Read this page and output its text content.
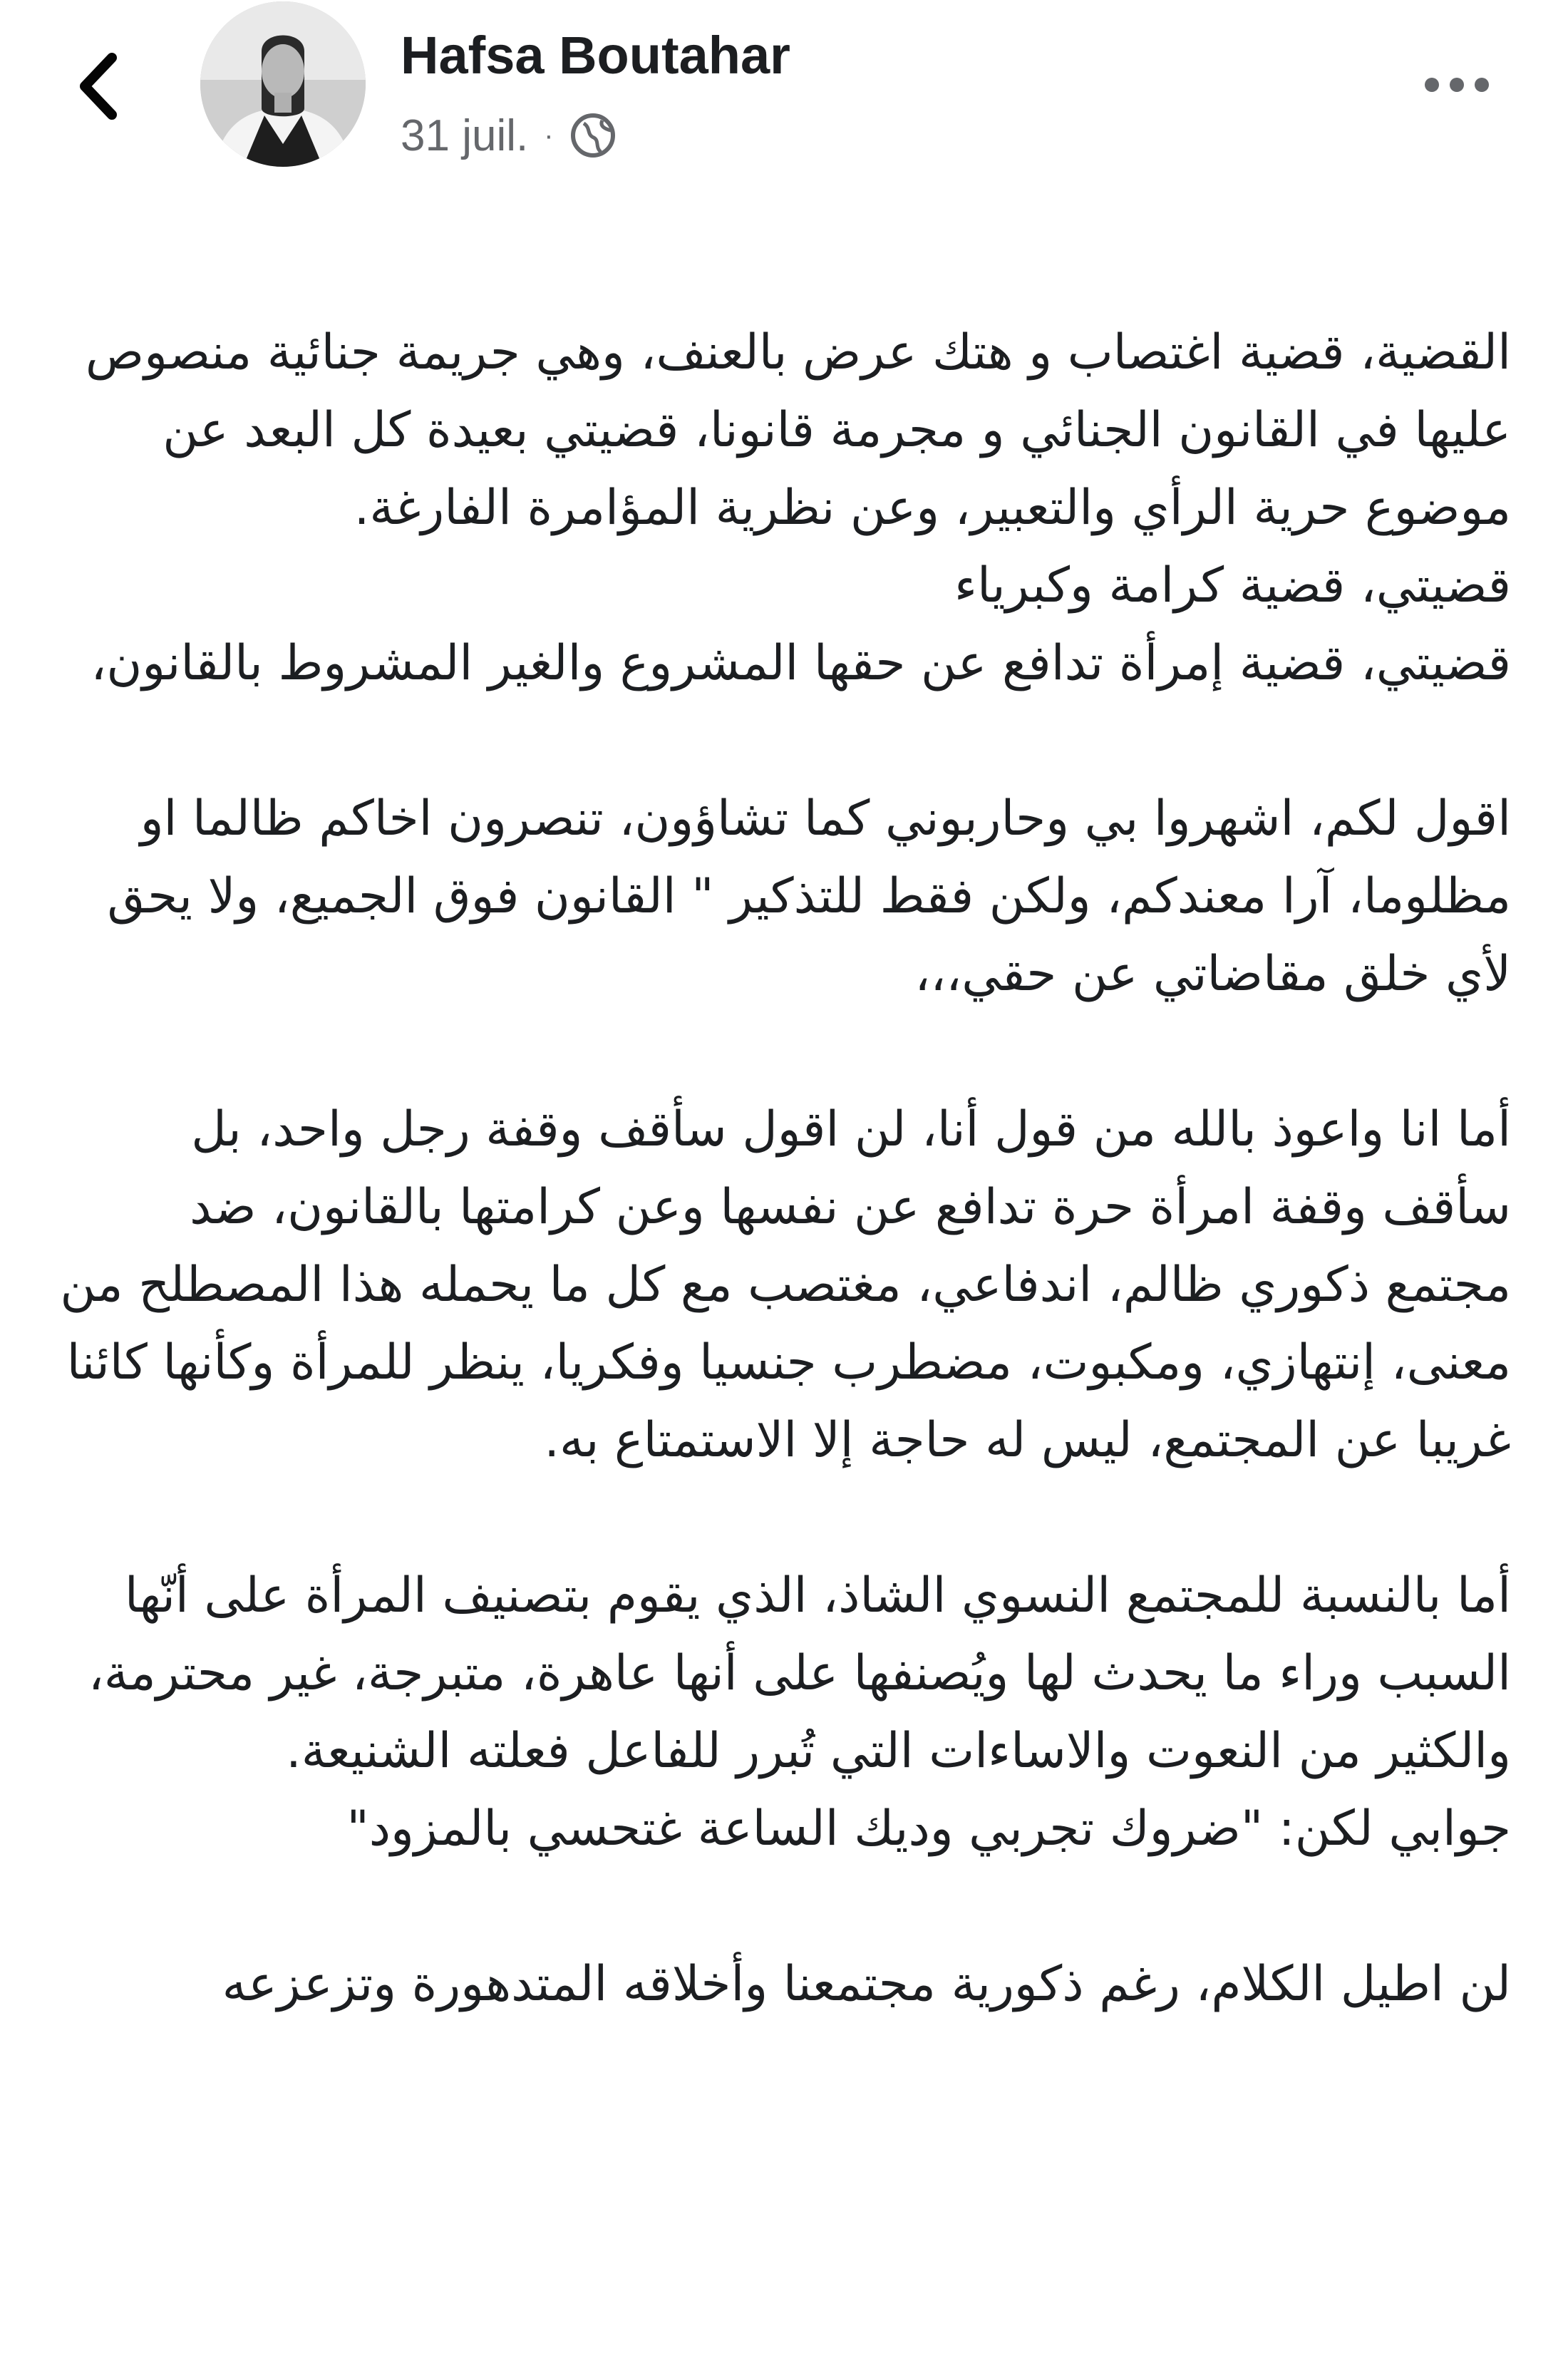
Hafsa Boutahar
31 juil. ·

القضية، قضية اغتصاب و هتك عرض بالعنف، وهي جريمة جنائية منصوص عليها في القانون الجنائي و مجرمة قانونا، قضيتي بعيدة كل البعد عن موضوع حرية الرأي والتعبير، وعن نظرية المؤامرة الفارغة.
قضيتي، قضية كرامة وكبرياء
قضيتي، قضية إمرأة تدافع عن حقها المشروع والغير المشروط بالقانون،

اقول لكم، اشهروا بي وحاربوني كما تشاؤون، تنصرون اخاكم ظالما او مظلوما، آرا معندكم، ولكن فقط للتذكير " القانون فوق الجميع، ولا يحق لأي خلق مقاضاتي عن حقي،،،

أما انا واعوذ بالله من قول أنا، لن اقول سأقف وقفة رجل واحد، بل سأقف وقفة امرأة حرة تدافع عن نفسها وعن كرامتها بالقانون، ضد مجتمع ذكوري ظالم، اندفاعي، مغتصب مع كل ما يحمله هذا المصطلح من معنى، إنتهازي، ومكبوت، مضطرب جنسيا وفكريا، ينظر للمرأة وكأنها كائنا غريبا عن المجتمع، ليس له حاجة إلا الاستمتاع به.

أما بالنسبة للمجتمع النسوي الشاذ، الذي يقوم بتصنيف المرأة على أنّها السبب وراء ما يحدث لها ويُصنفها على أنها عاهرة، متبرجة، غير محترمة، والكثير من النعوت والاساءات التي تُبرر للفاعل فعلته الشنيعة.
جوابي لكن: "ضروك تجربي وديك الساعة غتحسي بالمزود"

لن اطيل الكلام، رغم ذكورية مجتمعنا وأخلاقه المتدهورة وتزعزعه
